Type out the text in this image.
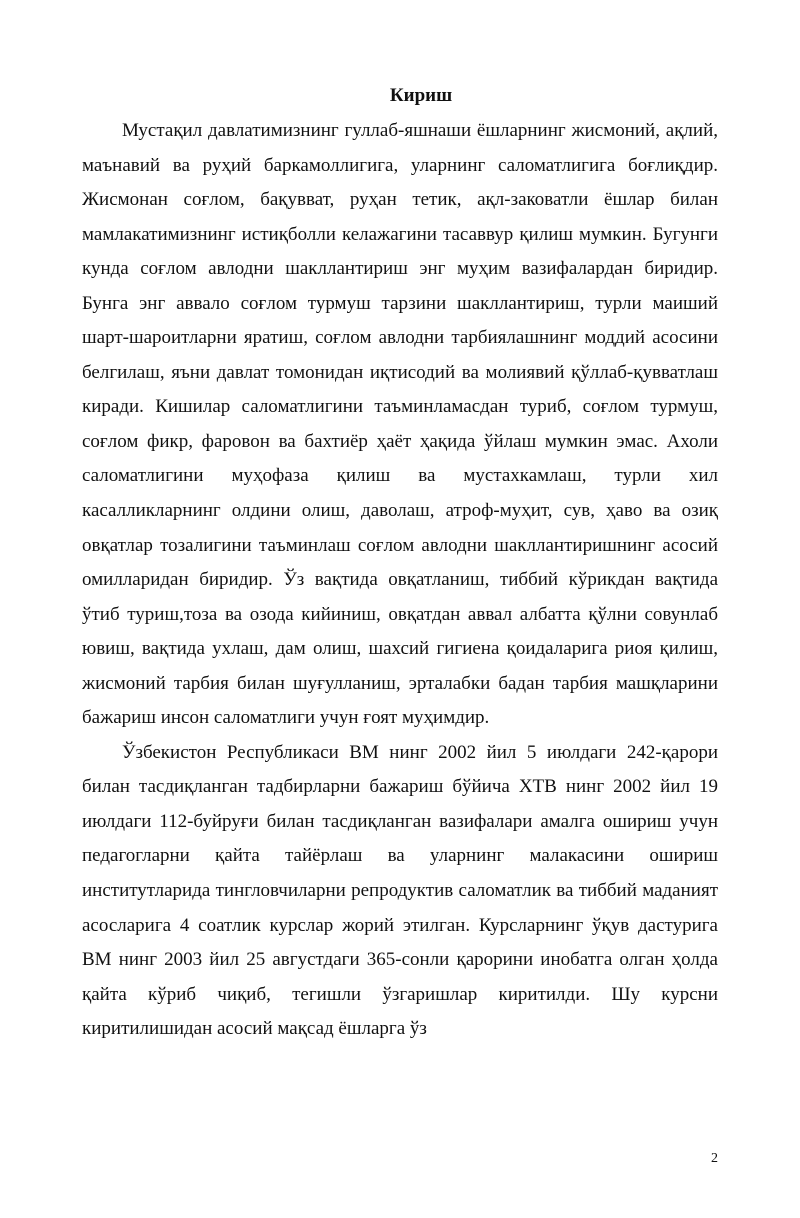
Кириш

Мустақил давлатимизнинг гуллаб-яшнаши ёшларнинг жисмоний, ақлий, маънавий ва руҳий баркамоллигига, уларнинг саломатлигига боғлиқдир. Жисмонан соғлом, бақувват, руҳан тетик, ақл-заковатли ёшлар билан мамлакатимизнинг истиқболли келажагини тасаввур қилиш мумкин. Бугунги кунда соғлом авлодни шакллантириш энг муҳим вазифалардан биридир. Бунга энг аввало соғлом турмуш тарзини шакллантириш, турли маиший шарт-шароитларни яратиш, соғлом авлодни тарбиялашнинг моддий асосини белгилаш, яъни давлат томонидан иқтисодий ва молиявий қўллаб-қувватлаш киради. Кишилар саломатлигини таъминламасдан туриб, соғлом турмуш, соғлом фикр, фаровон ва бахтиёр ҳаёт ҳақида ўйлаш мумкин эмас. Ахоли саломатлигини муҳофаза қилиш ва мустахкамлаш, турли хил касалликларнинг олдини олиш, даволаш, атроф-муҳит, сув, ҳаво ва озиқ овқатлар тозалигини таъминлаш соғлом авлодни шакллантиришнинг асосий омилларидан биридир. Ўз вақтида овқатланиш, тиббий кўрикдан вақтида ўтиб туриш,тоза ва озода кийиниш, овқатдан аввал албатта қўлни совунлаб ювиш, вақтида ухлаш, дам олиш, шахсий гигиена қоидаларига риоя қилиш, жисмоний тарбия билан шуғулланиш, эрталабки бадан тарбия машқларини бажариш инсон саломатлиги учун ғоят муҳимдир.

Ўзбекистон Республикаси ВМ нинг 2002 йил 5 июлдаги 242-қарори билан тасдиқланган тадбирларни бажариш бўйича ХТВ нинг 2002 йил 19 июлдаги 112-буйруғи билан тасдиқланган вазифалари амалга ошириш учун педагогларни қайта тайёрлаш ва уларнинг малакасини ошириш институтларида тингловчиларни репродуктив саломатлик ва тиббий маданият асосларига 4 соатлик курслар жорий этилган. Курсларнинг ўқув дастурига ВМ нинг 2003 йил 25 августдаги 365-сонли қарорини инобатга олган ҳолда қайта кўриб чиқиб, тегишли ўзгаришлар киритилди. Шу курсни киритилишидан асосий мақсад ёшларга ўз

2
